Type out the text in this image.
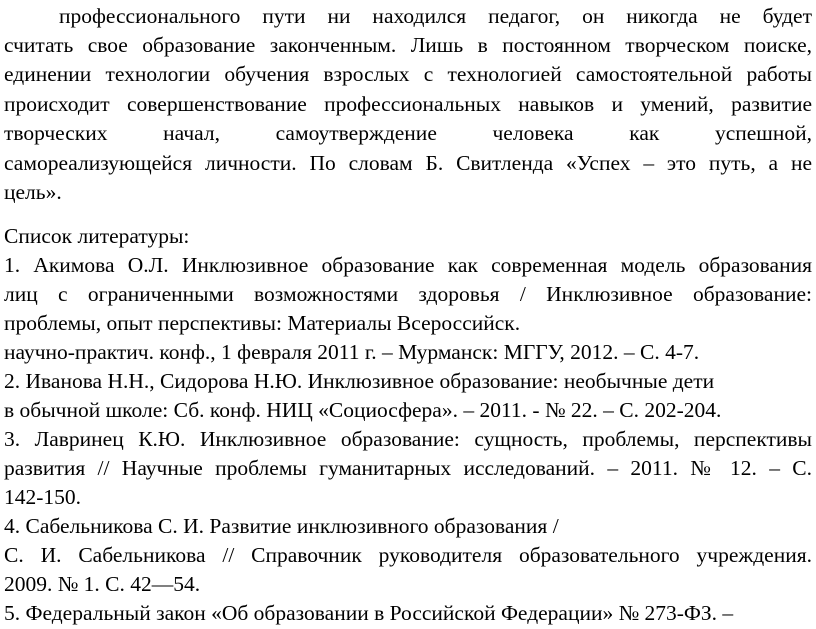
профессионального пути ни находился педагог, он никогда не будет
считать свое образование законченным. Лишь в постоянном творческом поиске,
единении технологии обучения взрослых с технологией самостоятельной работы
происходит совершенствование профессиональных навыков и умений, развитие
творческих начал, самоутверждение человека как успешной,
самореализующейся личности. По словам Б. Свитленда «Успех – это путь, а не
цель».
Список литературы:
1. Акимова О.Л. Инклюзивное образование как современная модель образования
лиц с ограниченными возможностями здоровья / Инклюзивное образование:
проблемы, опыт перспективы: Материалы Всероссийск.
научно-практич. конф., 1 февраля 2011 г. – Мурманск: МГГУ, 2012. – С. 4-7.
2. Иванова Н.Н., Сидорова Н.Ю. Инклюзивное образование: необычные дети
в обычной школе: Сб. конф. НИЦ «Социосфера». – 2011. - № 22. – С. 202-204.
3. Лавринец К.Ю. Инклюзивное образование: сущность, проблемы, перспективы
развития // Научные проблемы гуманитарных исследований. – 2011. № 12. – С.
142-150.
4. Сабельникова С. И. Развитие инклюзивного образования /
С. И. Сабельникова // Справочник руководителя образовательного учреждения.
2009. № 1. С. 42—54.
5. Федеральный закон «Об образовании в Российской Федерации» № 273-ФЗ. –
